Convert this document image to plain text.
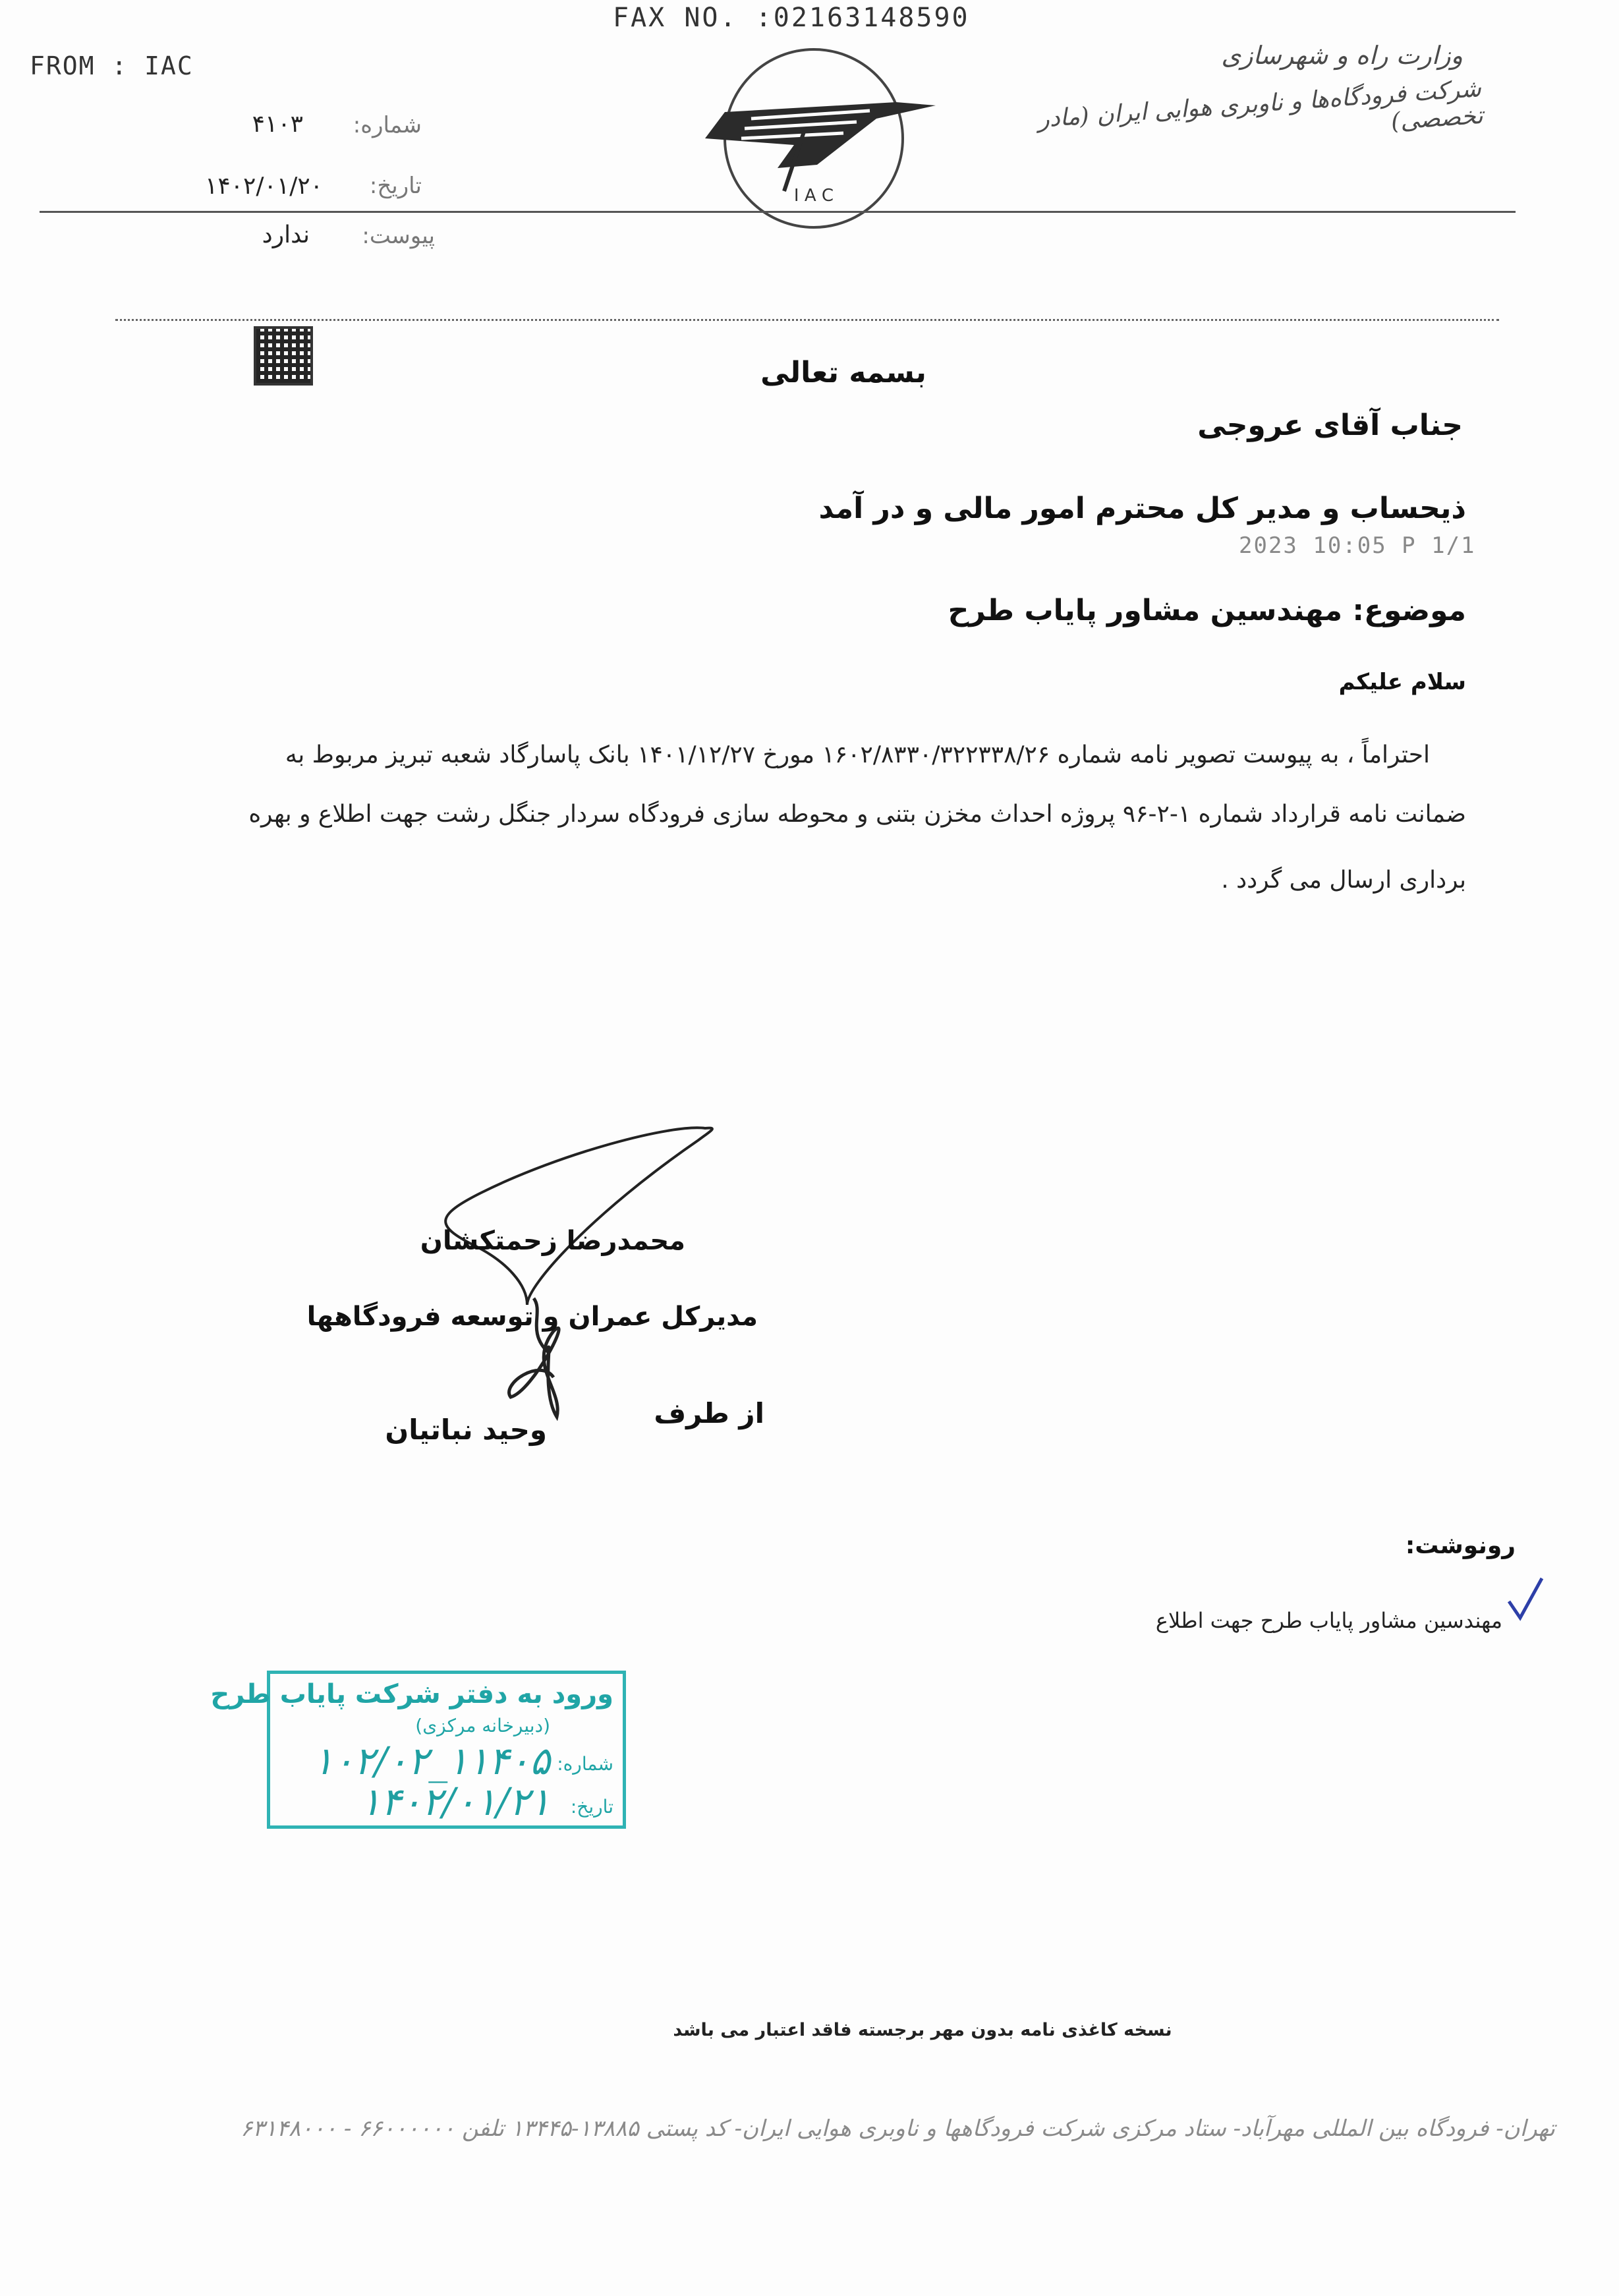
FAX NO. :02163148590
FROM : IAC
شماره:
۴۱۰۳
تاریخ:
۱۴۰۲/۰۱/۲۰
پیوست:
ندارد
I A C
وزارت راه و شهرسازی
شرکت فرودگاه‌ها و ناوبری هوایی ایران (مادر تخصصی)
بسمه تعالی
جناب آقای عروجی
ذیحساب و مدیر کل محترم امور مالی و در آمد
2023 10:05 P 1/1
موضوع: مهندسین مشاور پایاب طرح
سلام علیکم
احتراماً ، به پیوست تصویر نامه شماره ۱۶۰۲/۸۳۳۰/۳۲۲۳۳۸/۲۶ مورخ ۱۴۰۱/۱۲/۲۷ بانک پاسارگاد شعبه تبریز مربوط به
ضمانت نامه قرارداد شماره ۱-۲-۹۶ پروژه احداث مخزن بتنی و محوطه سازی فرودگاه سردار جنگل رشت جهت اطلاع و بهره
برداری ارسال می گردد .
محمدرضا زحمتکشان
مدیرکل عمران و توسعه فرودگاهها
از طرف
وحید نباتیان
رونوشت:
مهندسین مشاور پایاب طرح جهت اطلاع
ورود به دفتر شرکت پایاب طرح
(دبیرخانه مرکزی)
شماره:
۱۰۲/۰۲_۱۱۴۰۵
تاریخ:
۱۴۰۲/۰۱/۲۱
نسخه کاغذی نامه بدون مهر برجسته فاقد اعتبار می باشد
تهران- فرودگاه بین المللی مهرآباد- ستاد مرکزی شرکت فرودگاهها و ناوبری هوایی ایران- کد پستی ۱۳۸۸۵-۱۳۴۴۵ تلفن ۶۶۰۰۰۰۰۰ - ۶۳۱۴۸۰۰۰
